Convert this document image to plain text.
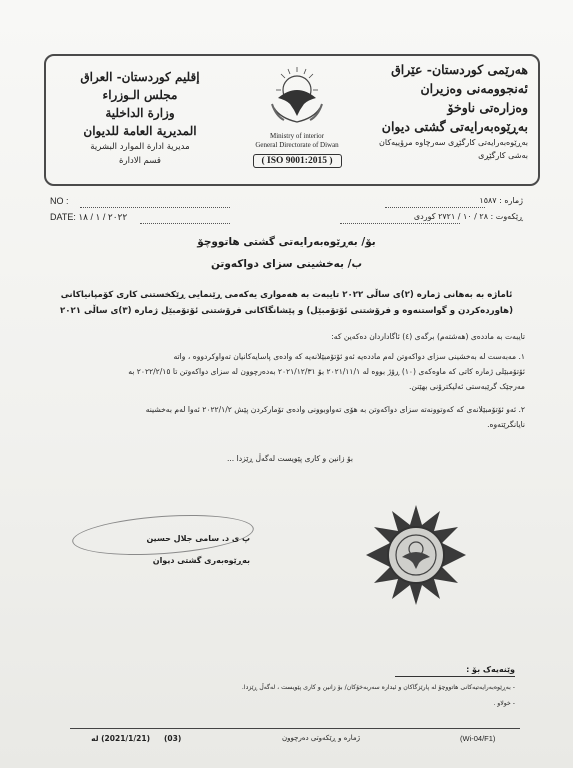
هەرێمی کوردستان- عێراق
ئەنجوومەنی وەزیران
وەزارەتی ناوخۆ
بەڕێوەبەرایەتی گشتی دیوان
بەڕێوەبەرایەتی کارگێڕی سەرچاوە مرۆییەکان
بەشی کارگێڕی
Ministry of interior
General Directorate of Diwan
( ISO 9001:2015 )
إقليم كوردستان- العراق
مجلس الـوزراء
وزارة الداخلية
المديرية العامة للديوان
مديرية ادارة الموارد البشرية
قسم الادارة
NO :
DATE: ٢٠٢٢ / ١ / ١٨
ژمارە : ١٥٨٧
ڕێکەوت : ٢٨ / ١٠ / ٢٧٢١ کوردی
بۆ/ بەڕێوەبەرایەتی گشتی هاتووچۆ
ب/ بەخشینی سزای دواکەوتن
ئاماژە بە بەهانی ژمارە (٢)ی ساڵی ٢٠٢٢ تایبەت بە هەمواری یەکەمی ڕێنمایی ڕێکخستنی کاری کۆمپانیاکانی
(هاوردەکردن و گواستنەوە و فرۆشتنی ئۆتۆمبێل) و پێشانگاکانی فرۆشتنی ئۆتۆمبێل ژمارە (٣)ی ساڵی ٢٠٢١
تایبەت بە ماددەی (هەشتەم) برگەی (٤) ئاگاداردان دەکەین کە:
١. مەبەست لە بەخشینی سزای دواکەوتن لەم ماددەیە ئەو ئۆتۆمبێلانەیە کە وادەی پاسایەکانیان تەواوکردووە ، واتە
ئۆتۆمبێلی ژمارە کاتی کە ماوەکەی (١٠) ڕۆژ بووە لە ٢٠٢١/١١/١ بۆ ٢٠٢١/١٢/٣١ بەدەرچوون لە سزای دواکەوتن تا ٢٠٢٢/٢/١٥ بە
مەرجێک گرێبەستی ئەلیکترۆنی بهێنن.
٢. ئەو ئۆتۆمبێلانەی کە کەوتوونەتە سزای دواکەوتن بە هۆی تەواوبوونی وادەی تۆمارکردن پێش ٢٠٢٢/١/٢ ئەوا لەم بەخشینە
نایانگرێتەوە.
بۆ زانین و کاری پێویست لەگەڵ ڕێزدا ...
پ ی د. سامی جلال حسین
بەڕێوەبەری گشتی دیوان
وێنەیەک بۆ :
- بەڕێوەبەرایەتیەکانی هاتووچۆ لە پارێزگاکان و ئیدارە سەربەخۆکان/ بۆ زانین و کاری پێویست ، لەگەڵ ڕێزدا.
- خولاو .
(Wi-04/F1)
ژمارە و ڕێکەوتی دەرچوون
(03)
(2021/1/21) لە
